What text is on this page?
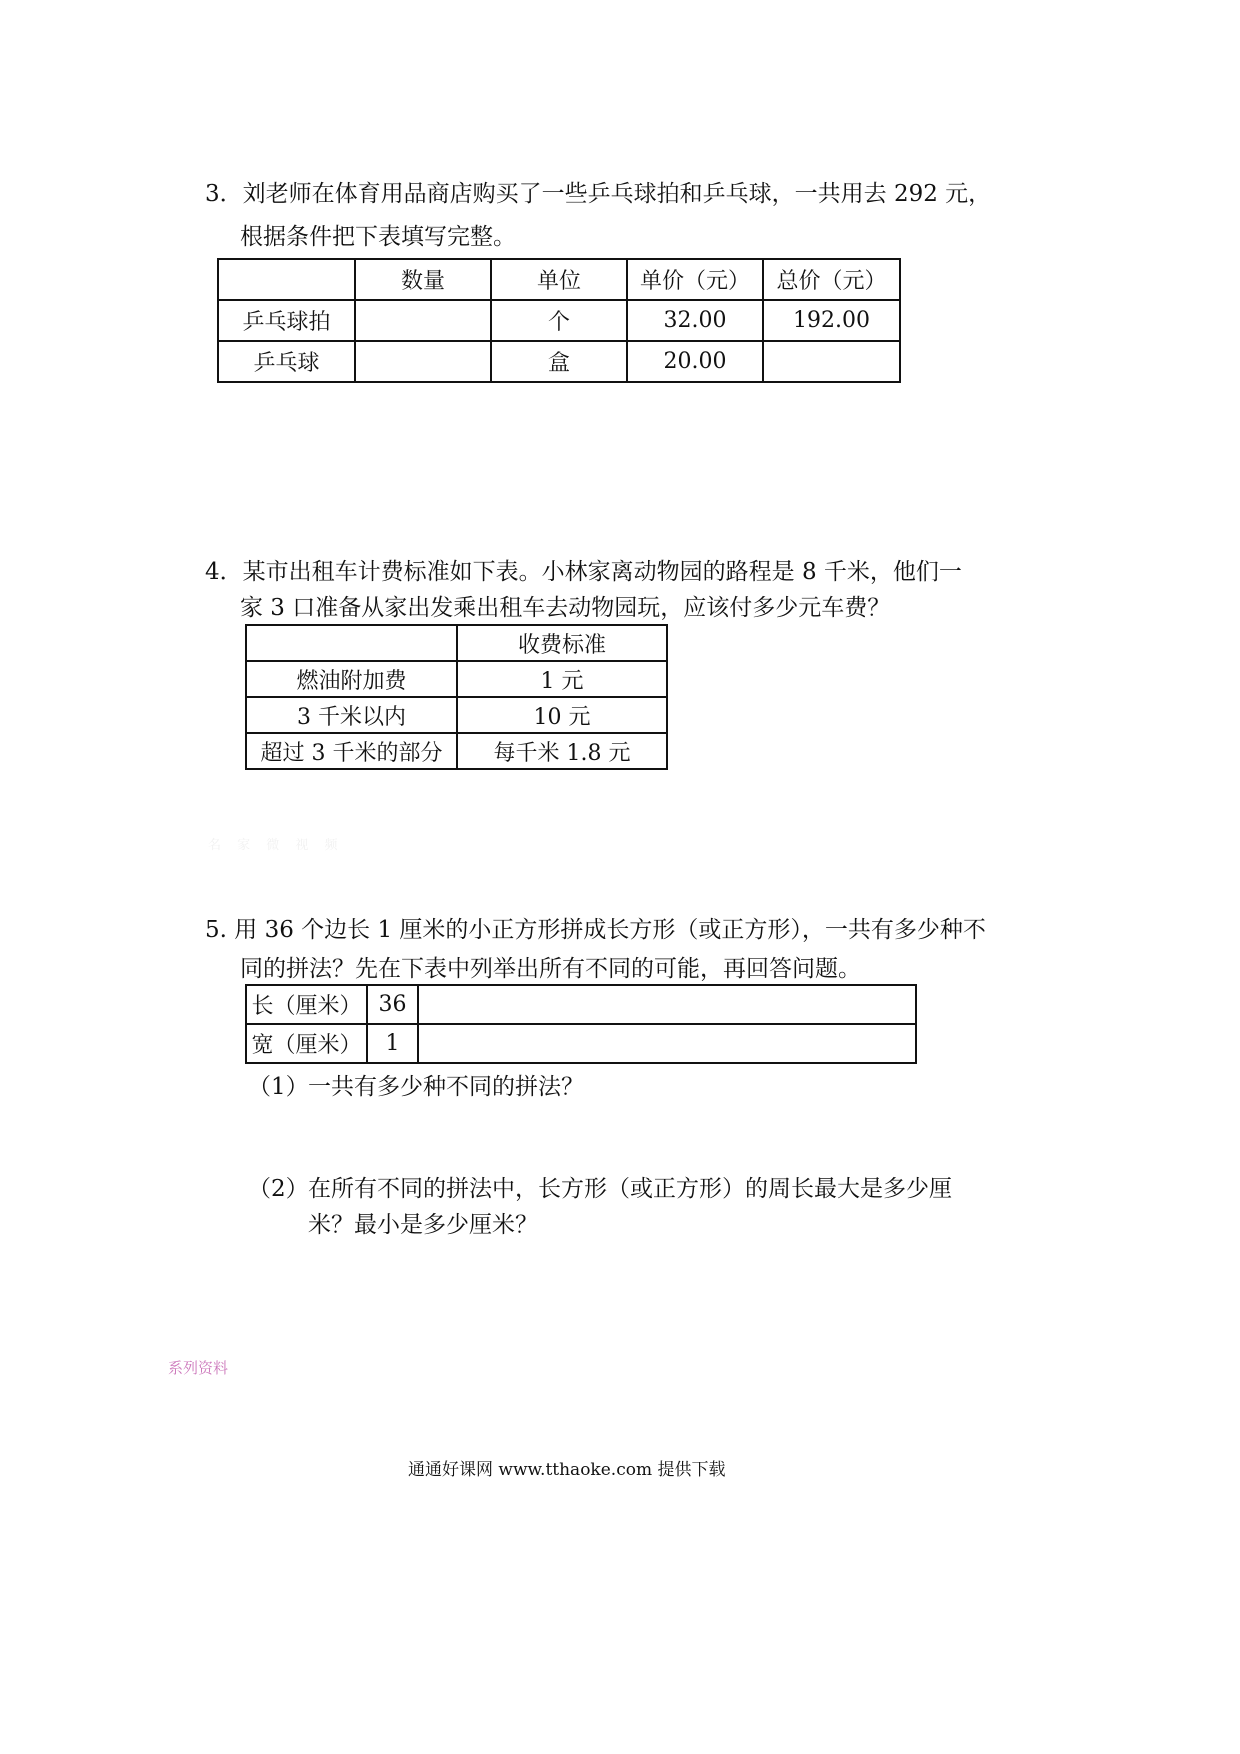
3．刘老师在体育用品商店购买了一些乒乓球拍和乒乓球，一共用去 292 元，
根据条件把下表填写完整。
	数量	单位	单价（元）	总价（元）
乒乓球拍		个	32.00	192.00
乒乓球		盒	20.00	
4．某市出租车计费标准如下表。小林家离动物园的路程是 8 千米，他们一
家 3 口准备从家出发乘出租车去动物园玩，应该付多少元车费？
	收费标准
燃油附加费	1 元
3 千米以内	10 元
超过 3 千米的部分	每千米 1.8 元
名 家 微 视 频
5. 用 36 个边长 1 厘米的小正方形拼成长方形（或正方形），一共有多少种不
同的拼法？先在下表中列举出所有不同的可能，再回答问题。
长（厘米）	36	
宽（厘米）	1	
（1） 一共有多少种不同的拼法？
（2） 在所有不同的拼法中，长方形（或正方形）的周长最大是多少厘
米？最小是多少厘米？
系列资料
通通好课网 www.tthaoke.com 提供下载
